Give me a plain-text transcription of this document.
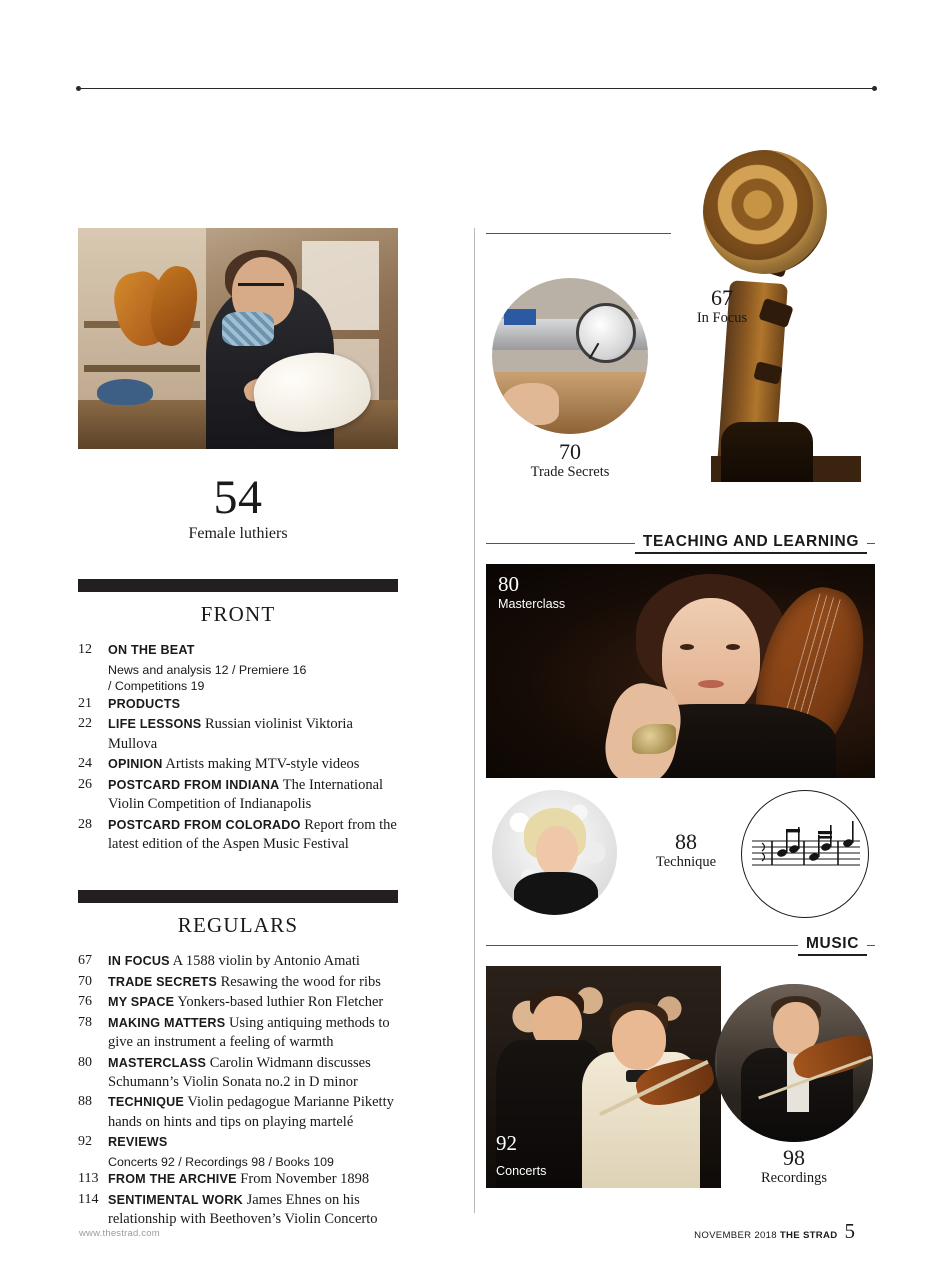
54
Female luthiers
FRONT
12	ON THE BEAT
News and analysis 12 / Premiere 16
/ Competitions 19
21	PRODUCTS
22	LIFE LESSONS Russian violinist Viktoria Mullova
24	OPINION Artists making MTV-style videos
26	POSTCARD FROM INDIANA The International Violin Competition of Indianapolis
28	POSTCARD FROM COLORADO Report from the latest edition of the Aspen Music Festival
REGULARS
67	IN FOCUS A 1588 violin by Antonio Amati
70	TRADE SECRETS Resawing the wood for ribs
76	MY SPACE Yonkers-based luthier Ron Fletcher
78	MAKING MATTERS Using antiquing methods to give an instrument a feeling of warmth
80	MASTERCLASS Carolin Widmann discusses Schumann’s Violin Sonata no.2 in D minor
88	TECHNIQUE Violin pedagogue Marianne Piketty hands on hints and tips on playing martelé
92	REVIEWS
Concerts 92 / Recordings 98 / Books 109
113 FROM THE ARCHIVE From November 1898
114 SENTIMENTAL WORK James Ehnes on his relationship with Beethoven’s Violin Concerto
67
In Focus
70
Trade Secrets
TEACHING AND LEARNING
80
Masterclass
88
Technique
MUSIC
92
Concerts
98
Recordings
www.thestrad.com	NOVEMBER 2018 THE STRAD 5
